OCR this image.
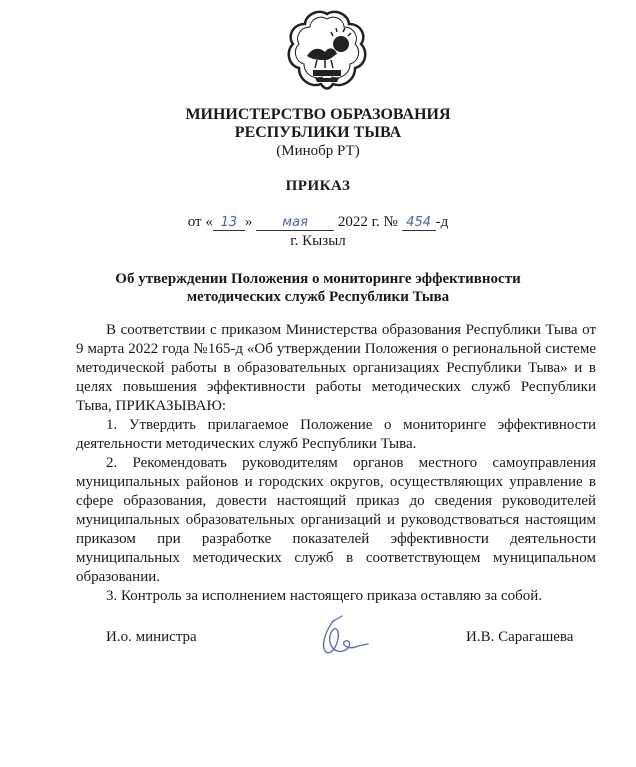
МИНИСТЕРСТВО ОБРАЗОВАНИЯ
РЕСПУБЛИКИ ТЫВА
(Минобр РТ)
ПРИКАЗ
от « 13 » мая 2022 г. № 454 -д
г. Кызыл
Об утверждении Положения о мониторинге эффективности
методических служб Республики Тыва

В соответствии с приказом Министерства образования Республики Тыва от 9 марта 2022 года №165-д «Об утверждении Положения о региональной системе методической работы в образовательных организациях Республики Тыва» и в целях повышения эффективности работы методических служб Республики Тыва, ПРИКАЗЫВАЮ:

1. Утвердить прилагаемое Положение о мониторинге эффективности деятельности методических служб Республики Тыва.

2. Рекомендовать руководителям органов местного самоуправления муниципальных районов и городских округов, осуществляющих управление в сфере образования, довести настоящий приказ до сведения руководителей муниципальных образовательных организаций и руководствоваться настоящим приказом при разработке показателей эффективности деятельности муниципальных методических служб в соответствующем муниципальном образовании.

3. Контроль за исполнением настоящего приказа оставляю за собой.

И.о. министра	И.В. Сарагашева
